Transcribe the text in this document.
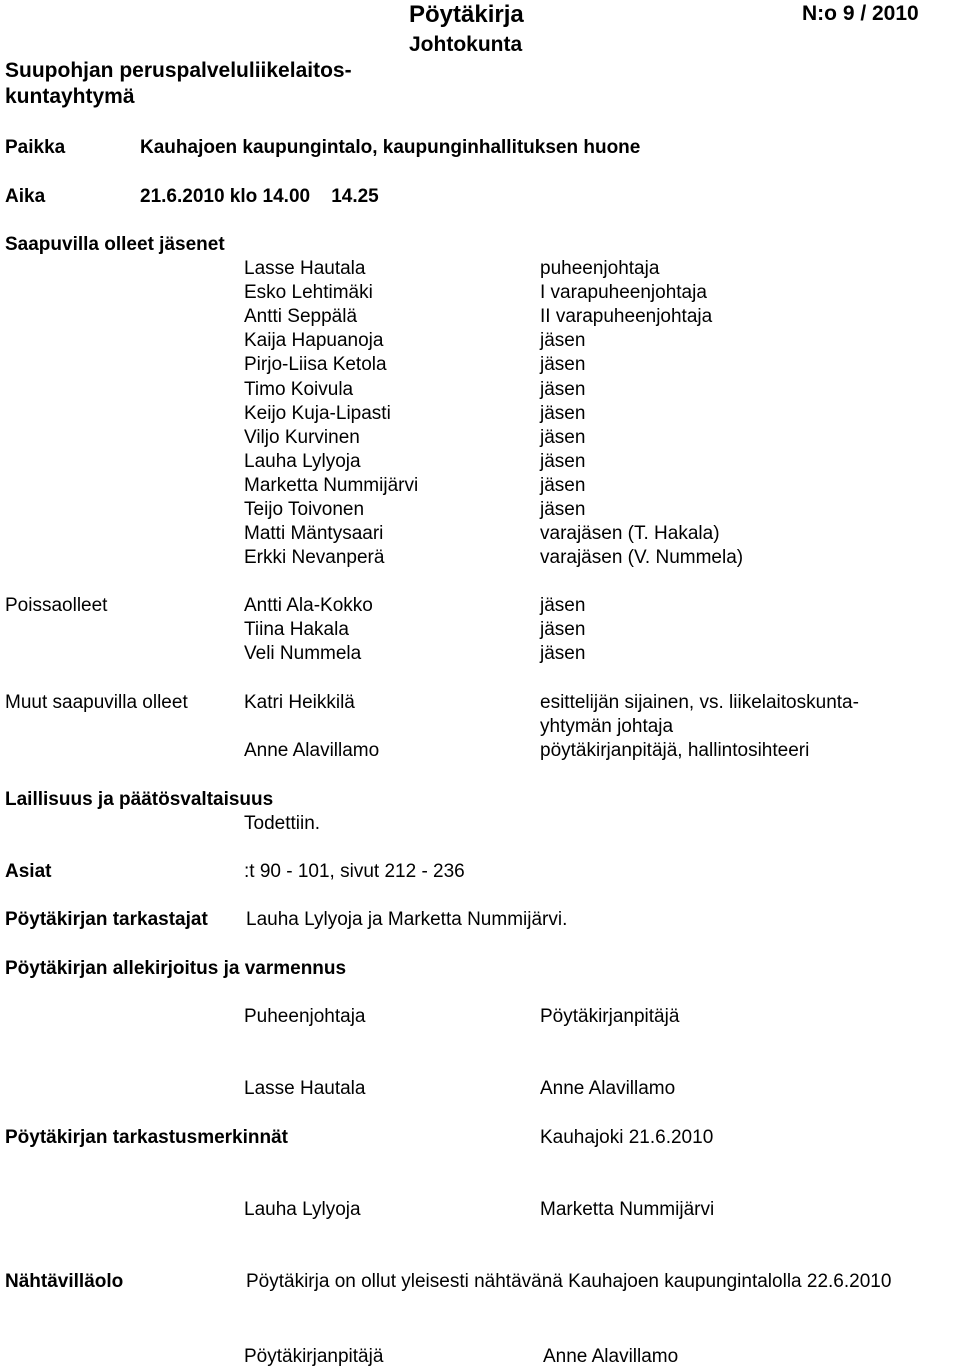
Pöytäkirja
Johtokunta
N:o 9 / 2010
Suupohjan peruspalveluliikelaitos-
kuntayhtymä
Paikka	Kauhajoen kaupungintalo, kaupunginhallituksen huone
Aika	21.6.2010 klo 14.00    14.25
Saapuvilla olleet jäsenet
Lasse Hautala	puheenjohtaja
Esko Lehtimäki	I varapuheenjohtaja
Antti Seppälä	II varapuheenjohtaja
Kaija Hapuanoja	jäsen
Pirjo-Liisa Ketola	jäsen
Timo Koivula	jäsen
Keijo Kuja-Lipasti	jäsen
Viljo Kurvinen	jäsen
Lauha Lylyoja	jäsen
Marketta Nummijärvi	jäsen
Teijo Toivonen	jäsen
Matti Mäntysaari	varajäsen (T. Hakala)
Erkki Nevanperä	varajäsen (V. Nummela)
Poissaolleet	Antti Ala-Kokko	jäsen
Tiina Hakala	jäsen
Veli Nummela	jäsen
Muut saapuvilla olleet	Katri Heikkilä	esittelijän sijainen, vs. liikelaitoskunta-
yhtymän johtaja
Anne Alavillamo	pöytäkirjanpitäjä, hallintosihteeri
Laillisuus ja päätösvaltaisuus
Todettiin.
Asiat	:t 90 - 101, sivut 212 - 236
Pöytäkirjan tarkastajat Lauha Lylyoja ja Marketta Nummijärvi.
Pöytäkirjan allekirjoitus ja varmennus
Puheenjohtaja	Pöytäkirjanpitäjä
Lasse Hautala	Anne Alavillamo
Pöytäkirjan tarkastusmerkinnät	Kauhajoki 21.6.2010
Lauha Lylyoja	Marketta Nummijärvi
Nähtävilläolo	Pöytäkirja on ollut yleisesti nähtävänä Kauhajoen kaupungintalolla 22.6.2010
Pöytäkirjanpitäjä	Anne Alavillamo
